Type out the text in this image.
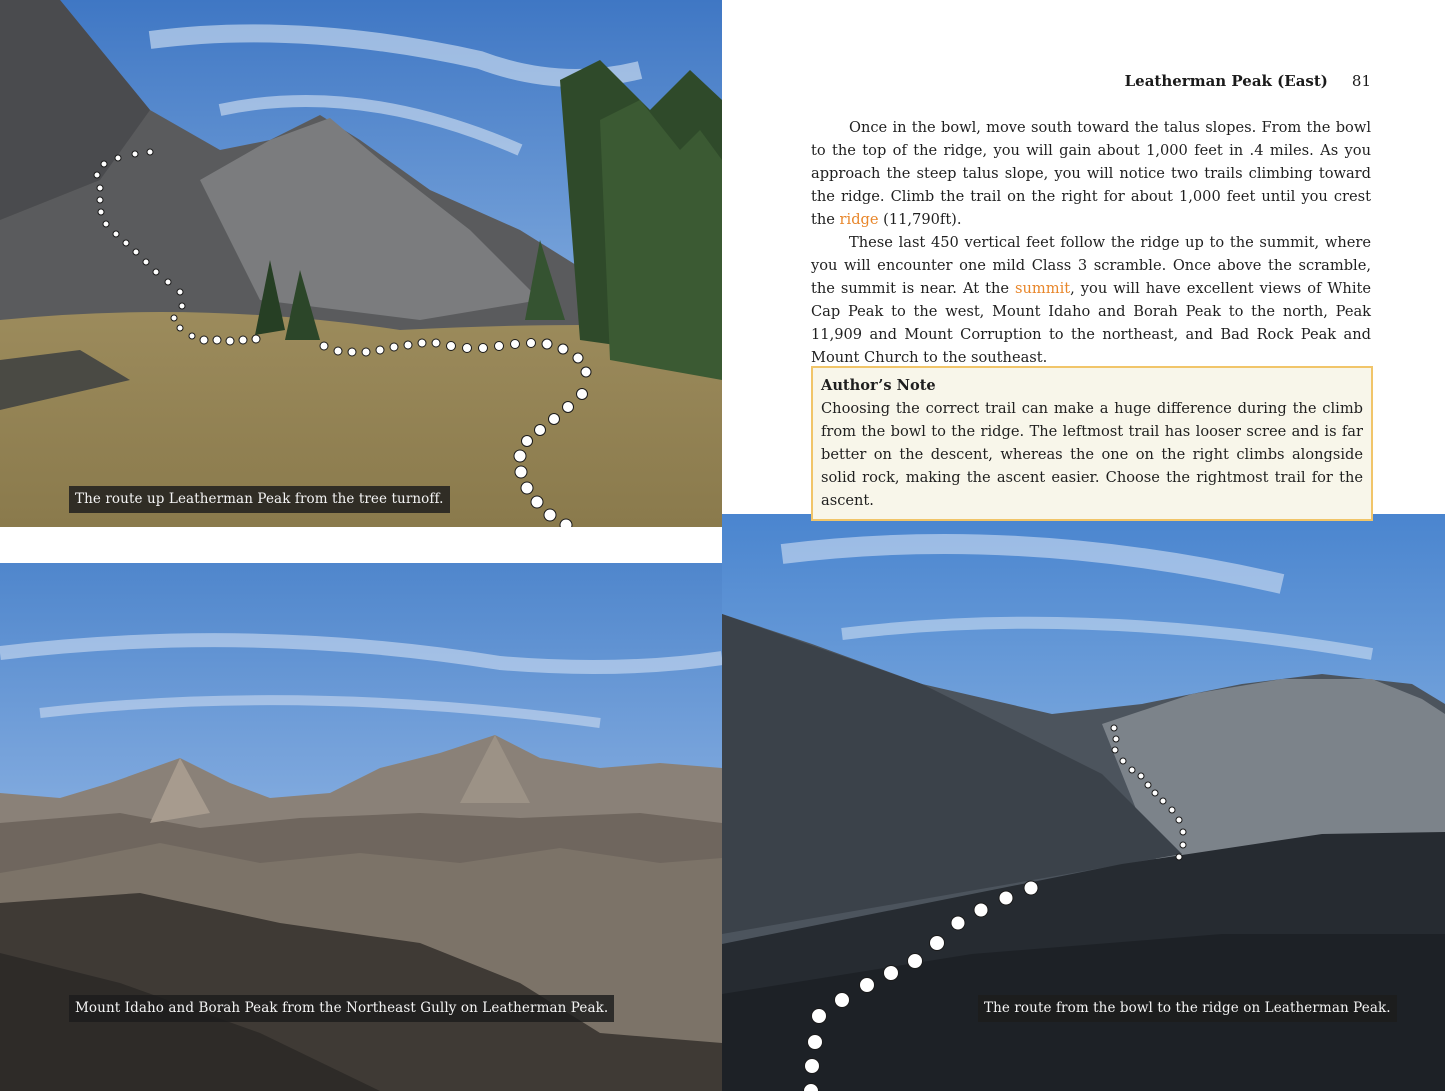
The route up Leatherman Peak from the tree turnoff.
Mount Idaho and Borah Peak from the Northeast Gully on Leatherman Peak.	The route from the bowl to the ridge on Leatherman Peak.
Leatherman Peak (East) 81

Once in the bowl, move south toward the talus slopes. From the bowl to the top of the ridge, you will gain about 1,000 feet in .4 miles. As you approach the steep talus slope, you will notice two trails climbing toward the ridge. Climb the trail on the right for about 1,000 feet until you crest the ridge (11,790ft).

These last 450 vertical feet follow the ridge up to the summit, where you will encounter one mild Class 3 scramble. Once above the scramble, the summit is near. At the summit, you will have excellent views of White Cap Peak to the west, Mount Idaho and Borah Peak to the north, Peak 11,909 and Mount Corruption to the northeast, and Bad Rock Peak and Mount Church to the southeast.

Author’s Note
Choosing the correct trail can make a huge difference during the climb from the bowl to the ridge. The leftmost trail has looser scree and is far better on the descent, whereas the one on the right climbs alongside solid rock, making the ascent easier. Choose the rightmost trail for the ascent.
